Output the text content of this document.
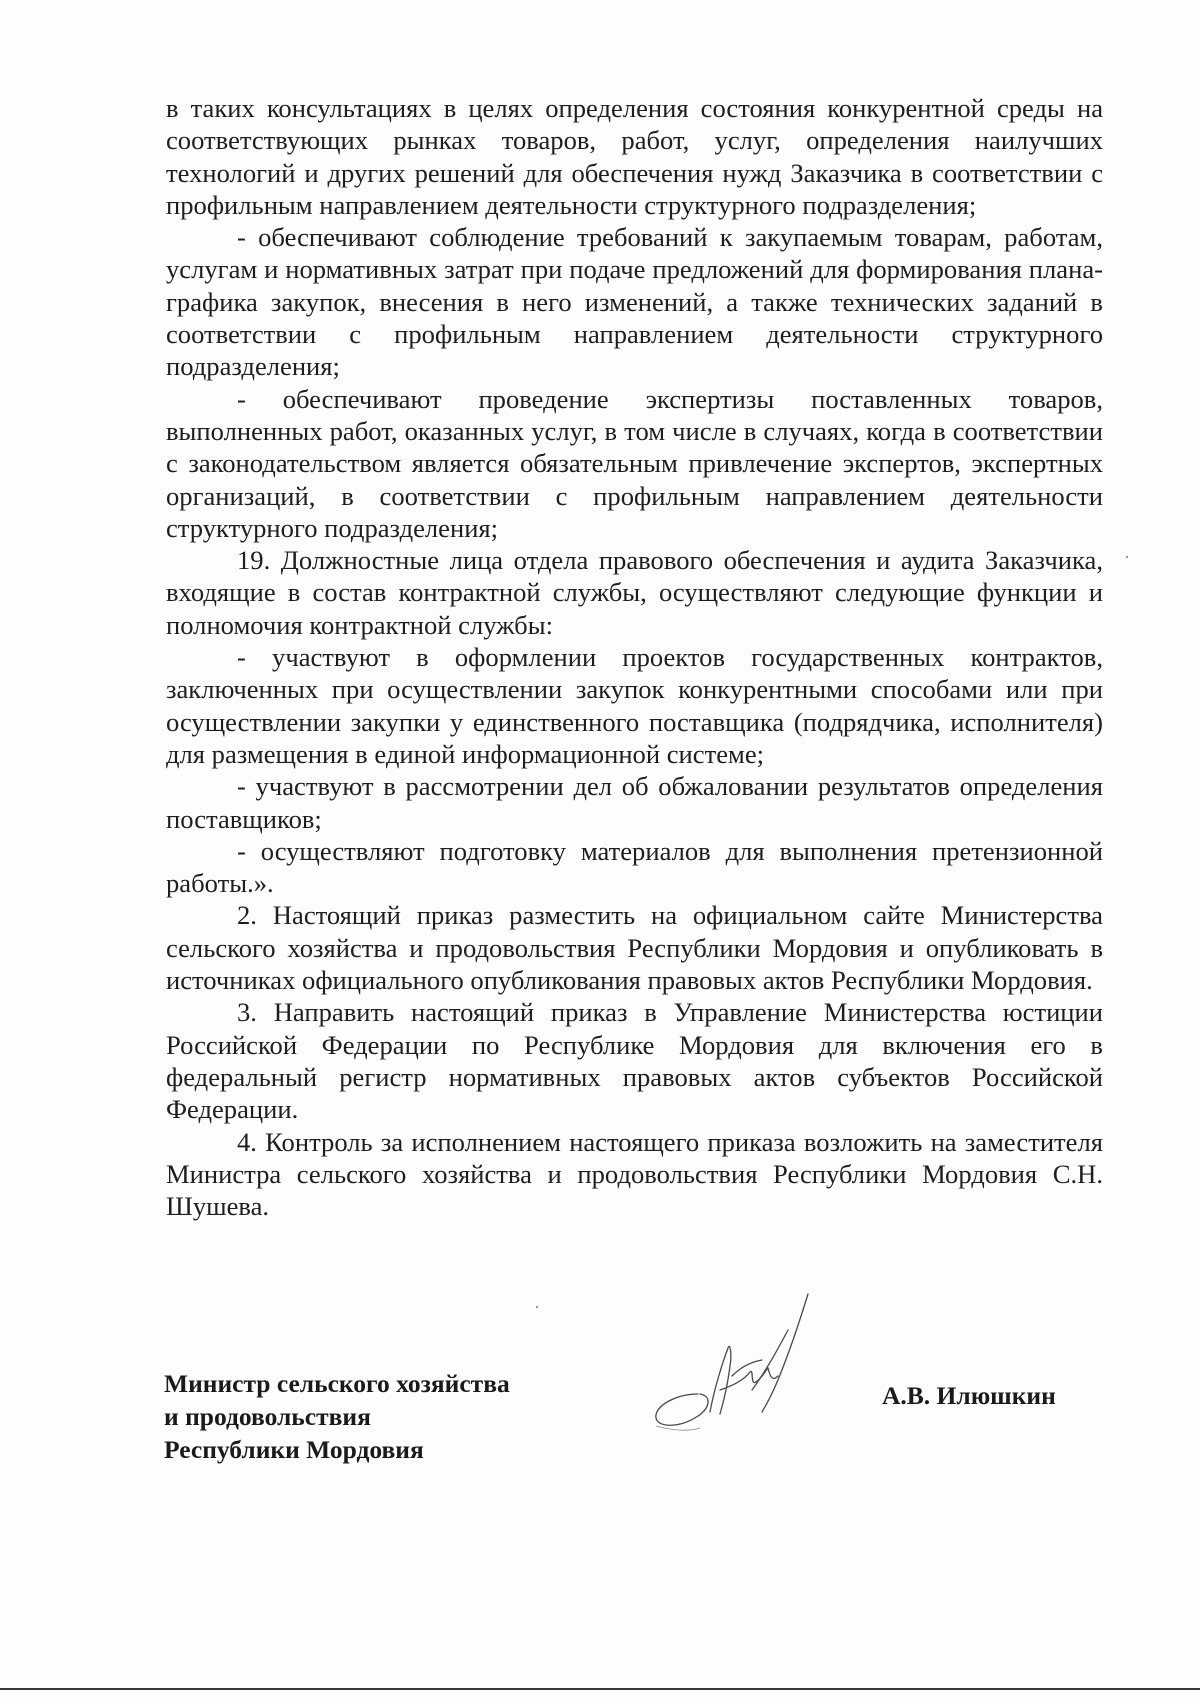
в таких консультациях в целях определения состояния конкурентной среды на соответствующих рынках товаров, работ, услуг, определения наилучших технологий и других решений для обеспечения нужд Заказчика в соответствии с профильным направлением деятельности структурного подразделения;

- обеспечивают соблюдение требований к закупаемым товарам, работам, услугам и нормативных затрат при подаче предложений для формирования плана-графика закупок, внесения в него изменений, а также технических заданий в соответствии с профильным направлением деятельности структурного подразделения;

- обеспечивают проведение экспертизы поставленных товаров, выполненных работ, оказанных услуг, в том числе в случаях, когда в соответствии с законодательством является обязательным привлечение экспертов, экспертных организаций, в соответствии с профильным направлением деятельности структурного подразделения;

19. Должностные лица отдела правового обеспечения и аудита Заказчика, входящие в состав контрактной службы, осуществляют следующие функции и полномочия контрактной службы:

- участвуют в оформлении проектов государственных контрактов, заключенных при осуществлении закупок конкурентными способами или при осуществлении закупки у единственного поставщика (подрядчика, исполнителя) для размещения в единой информационной системе;

- участвуют в рассмотрении дел об обжаловании результатов определения поставщиков;

- осуществляют подготовку материалов для выполнения претензионной работы.».

2. Настоящий приказ разместить на официальном сайте Министерства сельского хозяйства и продовольствия Республики Мордовия и опубликовать в источниках официального опубликования правовых актов Республики Мордовия.

3. Направить настоящий приказ в Управление Министерства юстиции Российской Федерации по Республике Мордовия для включения его в федеральный регистр нормативных правовых актов субъектов Российской Федерации.

4. Контроль за исполнением настоящего приказа возложить на заместителя Министра сельского хозяйства и продовольствия Республики Мордовия С.Н. Шушева.

Министр сельского хозяйства
и продовольствия
Республики Мордовия
А.В. Илюшкин
